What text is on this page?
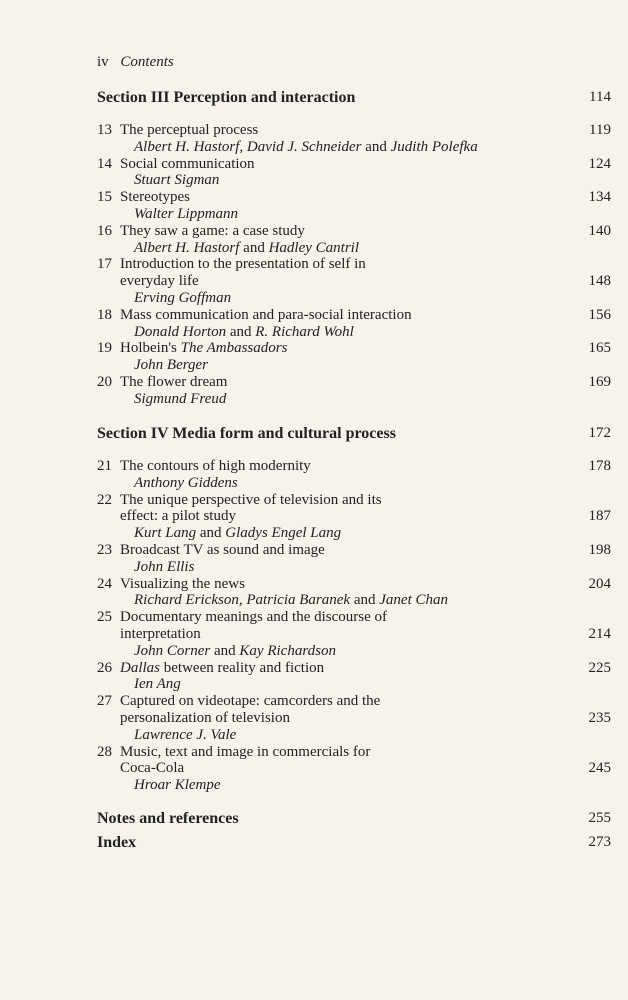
iv Contents
Section III Perception and interaction	114
13 The perceptual process	119
Albert H. Hastorf, David J. Schneider and Judith Polefka
14 Social communication	124
Stuart Sigman
15 Stereotypes	134
Walter Lippmann
16 They saw a game: a case study	140
Albert H. Hastorf and Hadley Cantril
17 Introduction to the presentation of self in
everyday life	148
Erving Goffman
18 Mass communication and para-social interaction	156
Donald Horton and R. Richard Wohl
19 Holbein's The Ambassadors	165
John Berger
20 The flower dream	169
Sigmund Freud
Section IV Media form and cultural process	172
21 The contours of high modernity	178
Anthony Giddens
22 The unique perspective of television and its
effect: a pilot study	187
Kurt Lang and Gladys Engel Lang
23 Broadcast TV as sound and image	198
John Ellis
24 Visualizing the news	204
Richard Erickson, Patricia Baranek and Janet Chan
25 Documentary meanings and the discourse of
interpretation	214
John Corner and Kay Richardson
26 Dallas between reality and fiction	225
Ien Ang
27 Captured on videotape: camcorders and the
personalization of television	235
Lawrence J. Vale
28 Music, text and image in commercials for
Coca-Cola	245
Hroar Klempe
Notes and references	255
Index	273
